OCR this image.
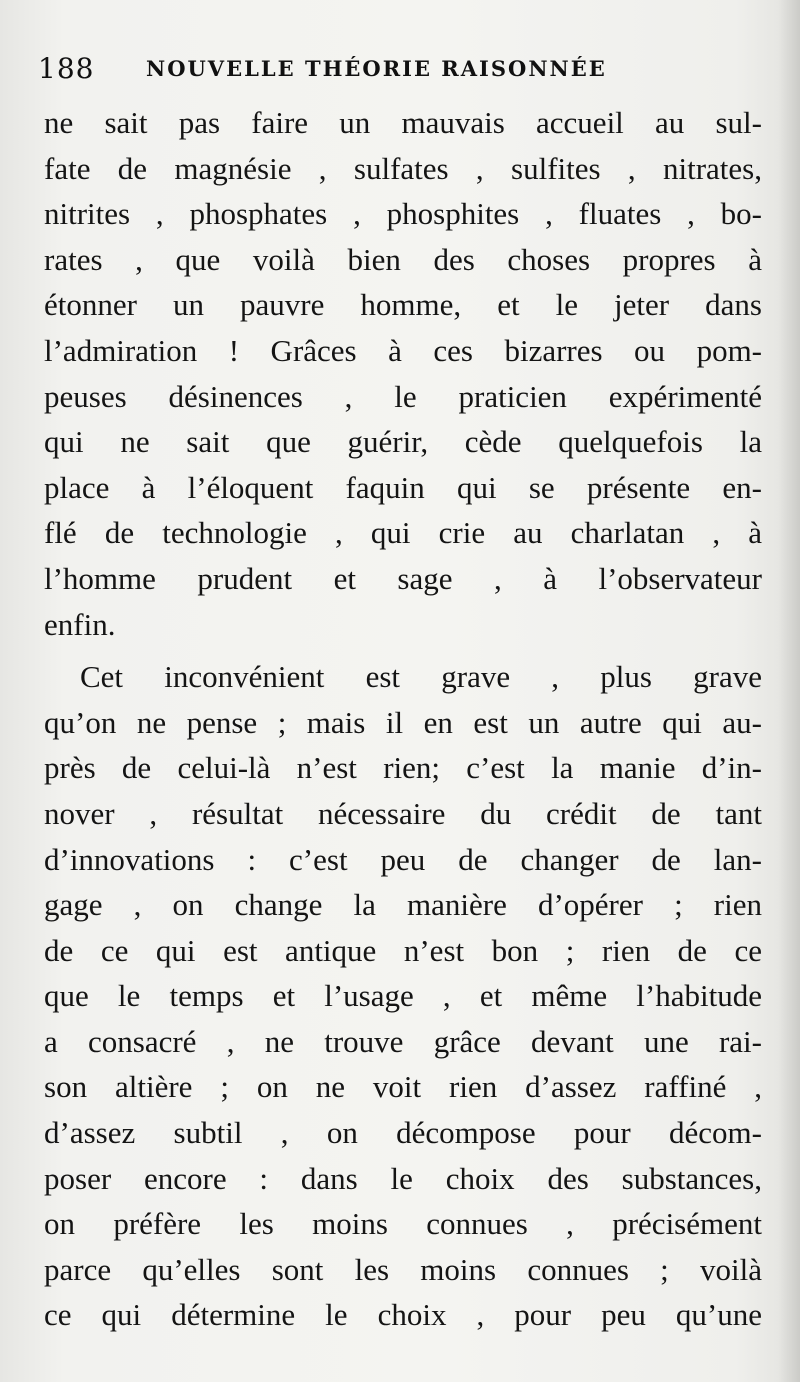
188 NOUVELLE THÉORIE RAISONNÉE
ne sait pas faire un mauvais accueil au sul-
fate de magnésie , sulfates , sulfites , nitrates,
nitrites , phosphates , phosphites , fluates , bo-
rates , que voilà bien des choses propres à
étonner un pauvre homme, et le jeter dans
l’admiration ! Grâces à ces bizarres ou pom-
peuses désinences , le praticien expérimenté
qui ne sait que guérir, cède quelquefois la
place à l’éloquent faquin qui se présente en-
flé de technologie , qui crie au charlatan , à
l’homme prudent et sage , à l’observateur
enfin.
Cet inconvénient est grave , plus grave
qu’on ne pense ; mais il en est un autre qui au-
près de celui-là n’est rien; c’est la manie d’in-
nover , résultat nécessaire du crédit de tant
d’innovations : c’est peu de changer de lan-
gage , on change la manière d’opérer ; rien
de ce qui est antique n’est bon ; rien de ce
que le temps et l’usage , et même l’habitude
a consacré , ne trouve grâce devant une rai-
son altière ; on ne voit rien d’assez raffiné ,
d’assez subtil , on décompose pour décom-
poser encore : dans le choix des substances,
on préfère les moins connues , précisément
parce qu’elles sont les moins connues ; voilà
ce qui détermine le choix , pour peu qu’une
